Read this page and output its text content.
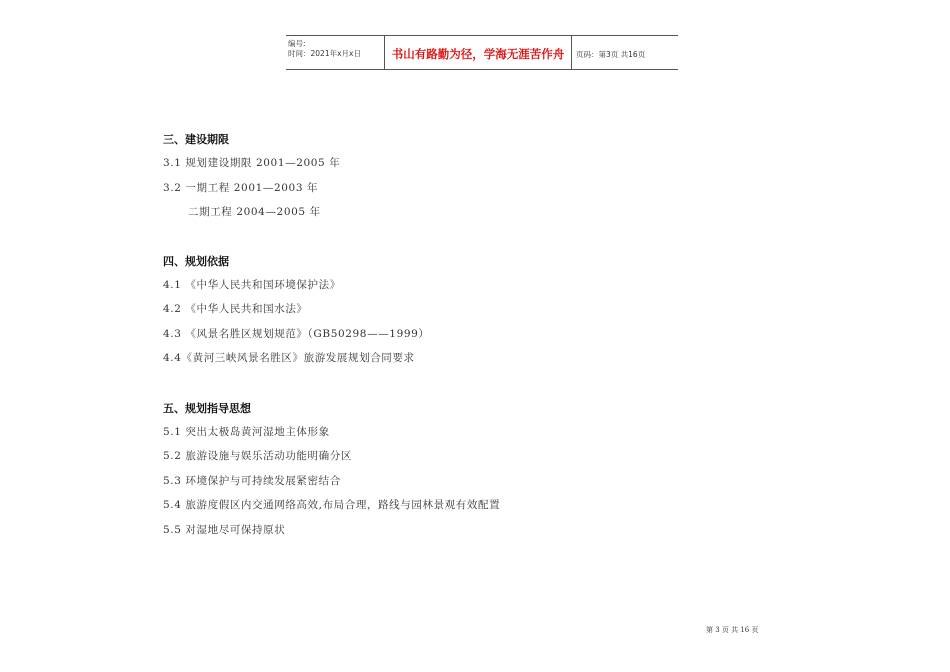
编号:
时间：2021年x月x日	书山有路勤为径，学海无涯苦作舟	页码：第3页 共16页
三、建设期限
3.1 规划建设期限 2001—2005 年
3.2 一期工程 2001—2003 年
二期工程 2004—2005 年
四、规划依据
4.1 《中华人民共和国环境保护法》
4.2 《中华人民共和国水法》
4.3 《风景名胜区规划规范》（GB50298——1999）
4.4《黄河三峡风景名胜区》旅游发展规划合同要求
五、规划指导思想
5.1 突出太极岛黄河湿地主体形象
5.2 旅游设施与娱乐活动功能明确分区
5.3 环境保护与可持续发展紧密结合
5.4 旅游度假区内交通网络高效,布局合理，路线与园林景观有效配置
5.5 对湿地尽可保持原状
第 3 页 共 16 页
